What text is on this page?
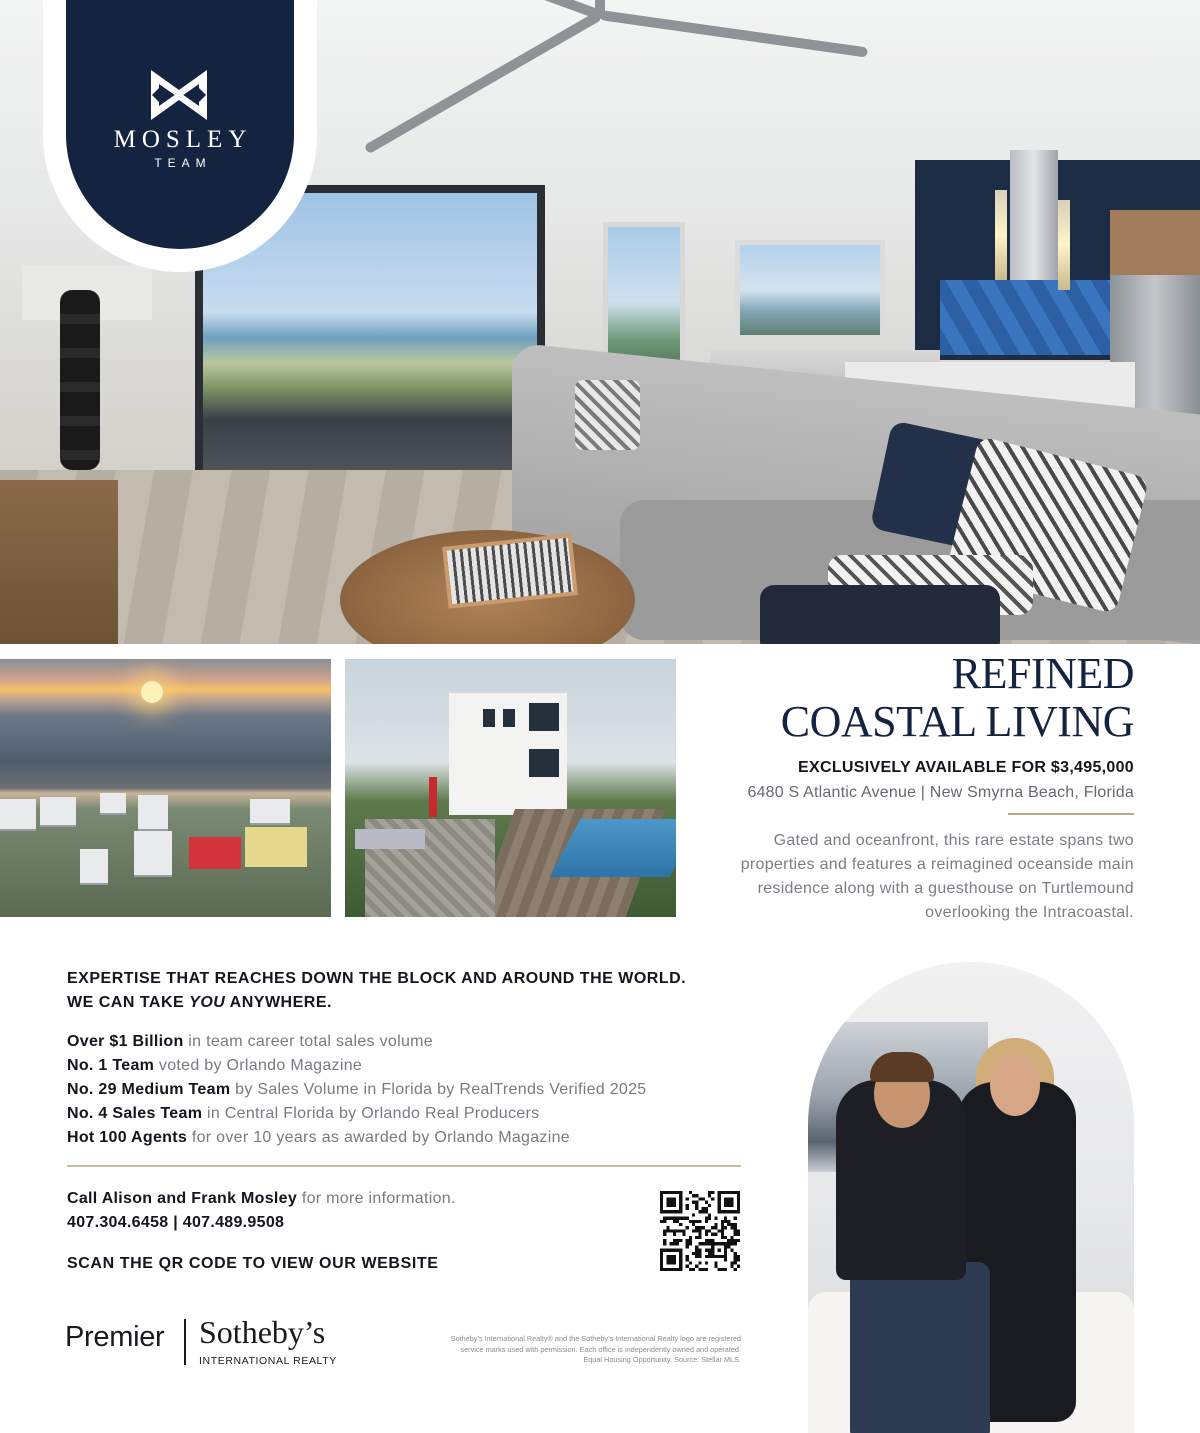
MOSLEY
TEAM
REFINED
COASTAL LIVING
EXCLUSIVELY AVAILABLE FOR $3,495,000
6480 S Atlantic Avenue | New Smyrna Beach, Florida
Gated and oceanfront, this rare estate spans two properties and features a reimagined oceanside main residence along with a guesthouse on Turtlemound overlooking the Intracoastal.
EXPERTISE THAT REACHES DOWN THE BLOCK AND AROUND THE WORLD.
WE CAN TAKE YOU ANYWHERE.
Over $1 Billion in team career total sales volume
No. 1 Team voted by Orlando Magazine
No. 29 Medium Team by Sales Volume in Florida by RealTrends Verified 2025
No. 4 Sales Team in Central Florida by Orlando Real Producers
Hot 100 Agents for over 10 years as awarded by Orlando Magazine
Call Alison and Frank Mosley for more information.
407.304.6458 | 407.489.9508
SCAN THE QR CODE TO VIEW OUR WEBSITE
Premier Sotheby’s
INTERNATIONAL REALTY
Sotheby’s International Realty® and the Sotheby’s International Realty logo are registered service marks used with permission. Each office is independently owned and operated. Equal Housing Opportunity. Source: Stellar MLS.
